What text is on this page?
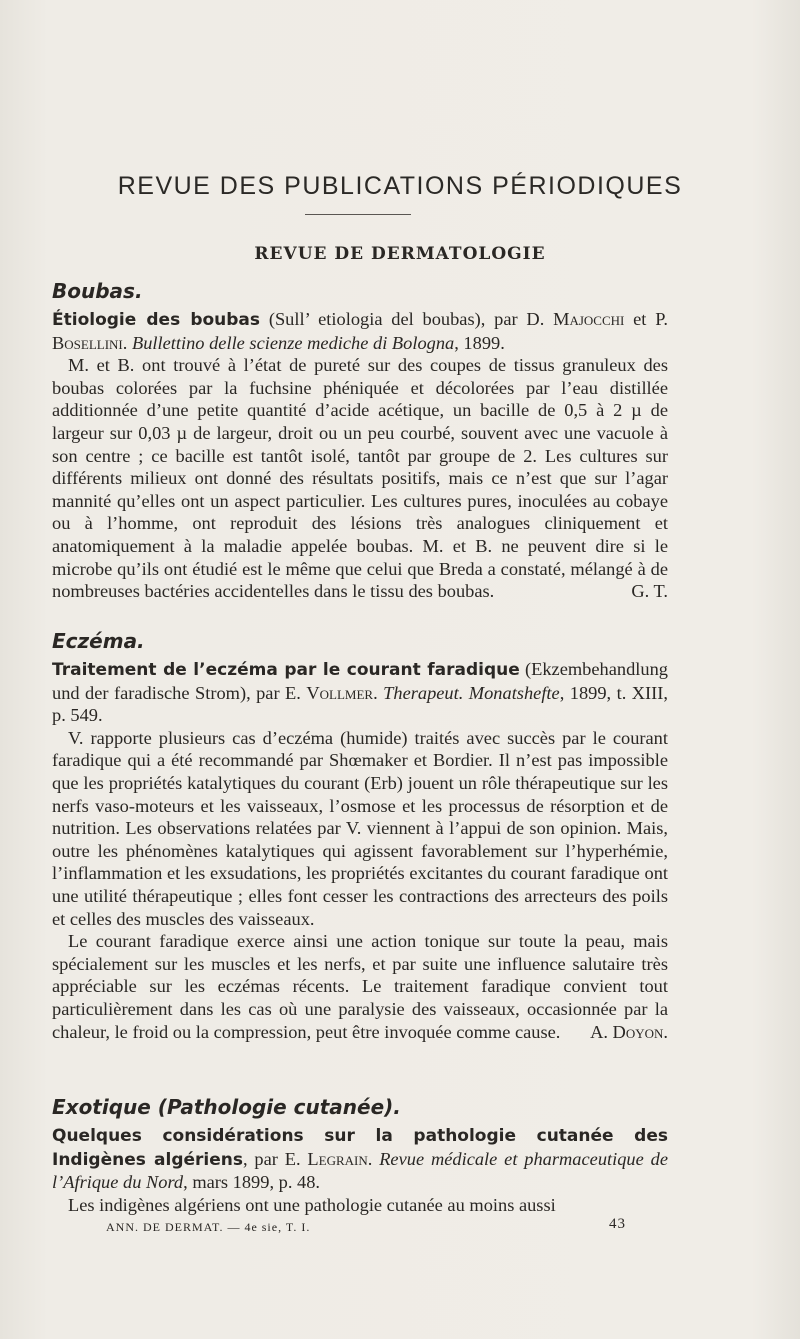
REVUE DES PUBLICATIONS PÉRIODIQUES
REVUE DE DERMATOLOGIE
Boubas.

Étiologie des boubas (Sull’ etiologia del boubas), par D. Majocchi et P. Bosellini. Bullettino delle scienze mediche di Bologna, 1899.

M. et B. ont trouvé à l’état de pureté sur des coupes de tissus granuleux des boubas colorées par la fuchsine phéniquée et décolorées par l’eau distillée additionnée d’une petite quantité d’acide acétique, un bacille de 0,5 à 2 µ de largeur sur 0,03 µ de largeur, droit ou un peu courbé, souvent avec une vacuole à son centre ; ce bacille est tantôt isolé, tantôt par groupe de 2. Les cultures sur différents milieux ont donné des résultats positifs, mais ce n’est que sur l’agar mannité qu’elles ont un aspect particulier. Les cultures pures, inoculées au cobaye ou à l’homme, ont reproduit des lésions très analogues cliniquement et anatomiquement à la maladie appelée boubas. M. et B. ne peuvent dire si le microbe qu’ils ont étudié est le même que celui que Breda a constaté, mélangé à de nombreuses bactéries accidentelles dans le tissu des boubas.	G. T.

Eczéma.

Traitement de l’eczéma par le courant faradique (Ekzembehandlung und der faradische Strom), par E. Vollmer. Therapeut. Monatshefte, 1899, t. XIII, p. 549.

V. rapporte plusieurs cas d’eczéma (humide) traités avec succès par le courant faradique qui a été recommandé par Shœmaker et Bordier. Il n’est pas impossible que les propriétés katalytiques du courant (Erb) jouent un rôle thérapeutique sur les nerfs vaso-moteurs et les vaisseaux, l’osmose et les processus de résorption et de nutrition. Les observations relatées par V. viennent à l’appui de son opinion. Mais, outre les phénomènes katalytiques qui agissent favorablement sur l’hyperhémie, l’inflammation et les exsudations, les propriétés excitantes du courant faradique ont une utilité thérapeutique ; elles font cesser les contractions des arrecteurs des poils et celles des muscles des vaisseaux.

Le courant faradique exerce ainsi une action tonique sur toute la peau, mais spécialement sur les muscles et les nerfs, et par suite une influence salutaire très appréciable sur les eczémas récents. Le traitement faradique convient tout particulièrement dans les cas où une paralysie des vaisseaux, occasionnée par la chaleur, le froid ou la compression, peut être invoquée comme cause.	A. Doyon.

Exotique (Pathologie cutanée).

Quelques considérations sur la pathologie cutanée des Indigènes algériens, par E. Legrain. Revue médicale et pharmaceutique de l’Afrique du Nord, mars 1899, p. 48.

Les indigènes algériens ont une pathologie cutanée au moins aussi

ANN. DE DERMAT. — 4e sie, T. I.	43
